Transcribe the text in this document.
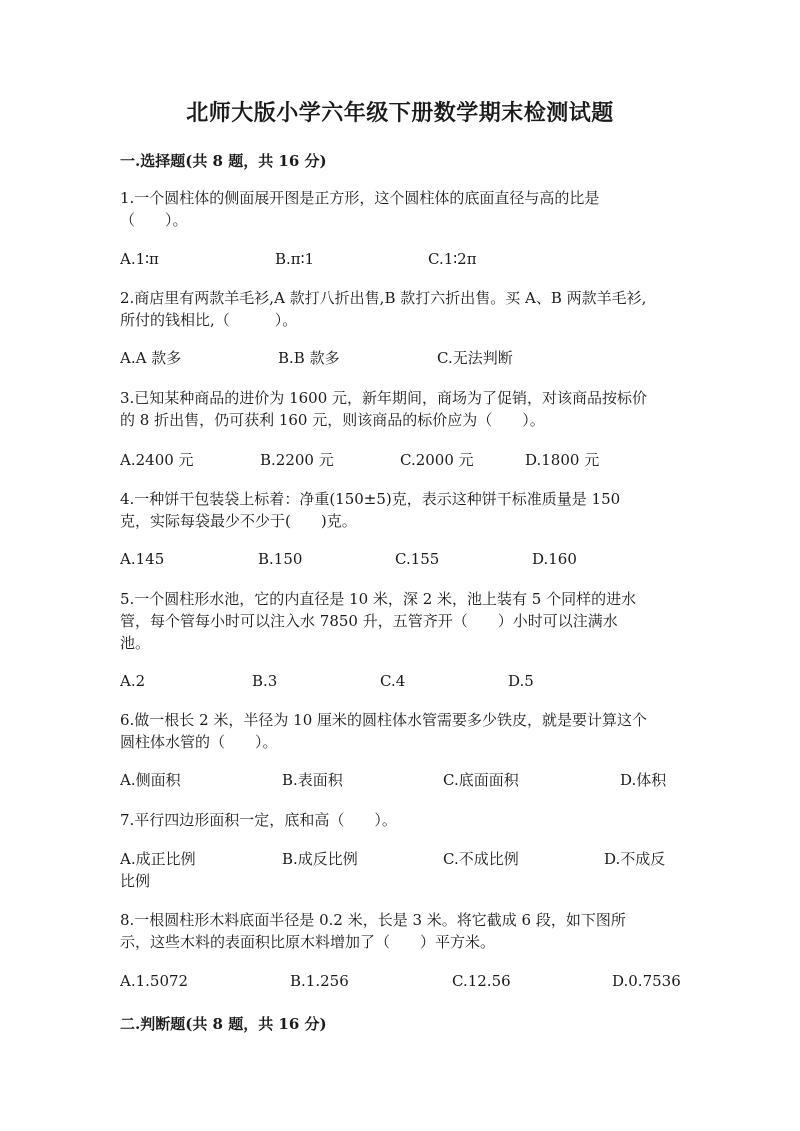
北师大版小学六年级下册数学期末检测试题
一.选择题(共 8 题，共 16 分)
1.一个圆柱体的侧面展开图是正方形，这个圆柱体的底面直径与高的比是
（　　）。
A.1∶π	B.π∶1	C.1∶2π
2.商店里有两款羊毛衫,A 款打八折出售,B 款打六折出售。买 A、B 两款羊毛衫,
所付的钱相比,（　　　）。
A.A 款多	B.B 款多	C.无法判断
3.已知某种商品的进价为 1600 元，新年期间，商场为了促销，对该商品按标价
的 8 折出售，仍可获利 160 元，则该商品的标价应为（　　）。
A.2400 元	B.2200 元	C.2000 元	D.1800 元
4.一种饼干包装袋上标着：净重(150±5)克，表示这种饼干标准质量是 150
克，实际每袋最少不少于(　　)克。
A.145	B.150	C.155	D.160
5.一个圆柱形水池，它的内直径是 10 米，深 2 米，池上装有 5 个同样的进水
管，每个管每小时可以注入水 7850 升，五管齐开（　　）小时可以注满水
池。
A.2	B.3	C.4	D.5
6.做一根长 2 米，半径为 10 厘米的圆柱体水管需要多少铁皮，就是要计算这个
圆柱体水管的（　　）。
A.侧面积	B.表面积	C.底面面积	D.体积
7.平行四边形面积一定，底和高（　　）。
A.成正比例	B.成反比例	C.不成比例	D.不成反
比例
8.一根圆柱形木料底面半径是 0.2 米，长是 3 米。将它截成 6 段，如下图所
示，这些木料的表面积比原木料增加了（　　）平方米。
A.1.5072	B.1.256	C.12.56	D.0.7536
二.判断题(共 8 题，共 16 分)
